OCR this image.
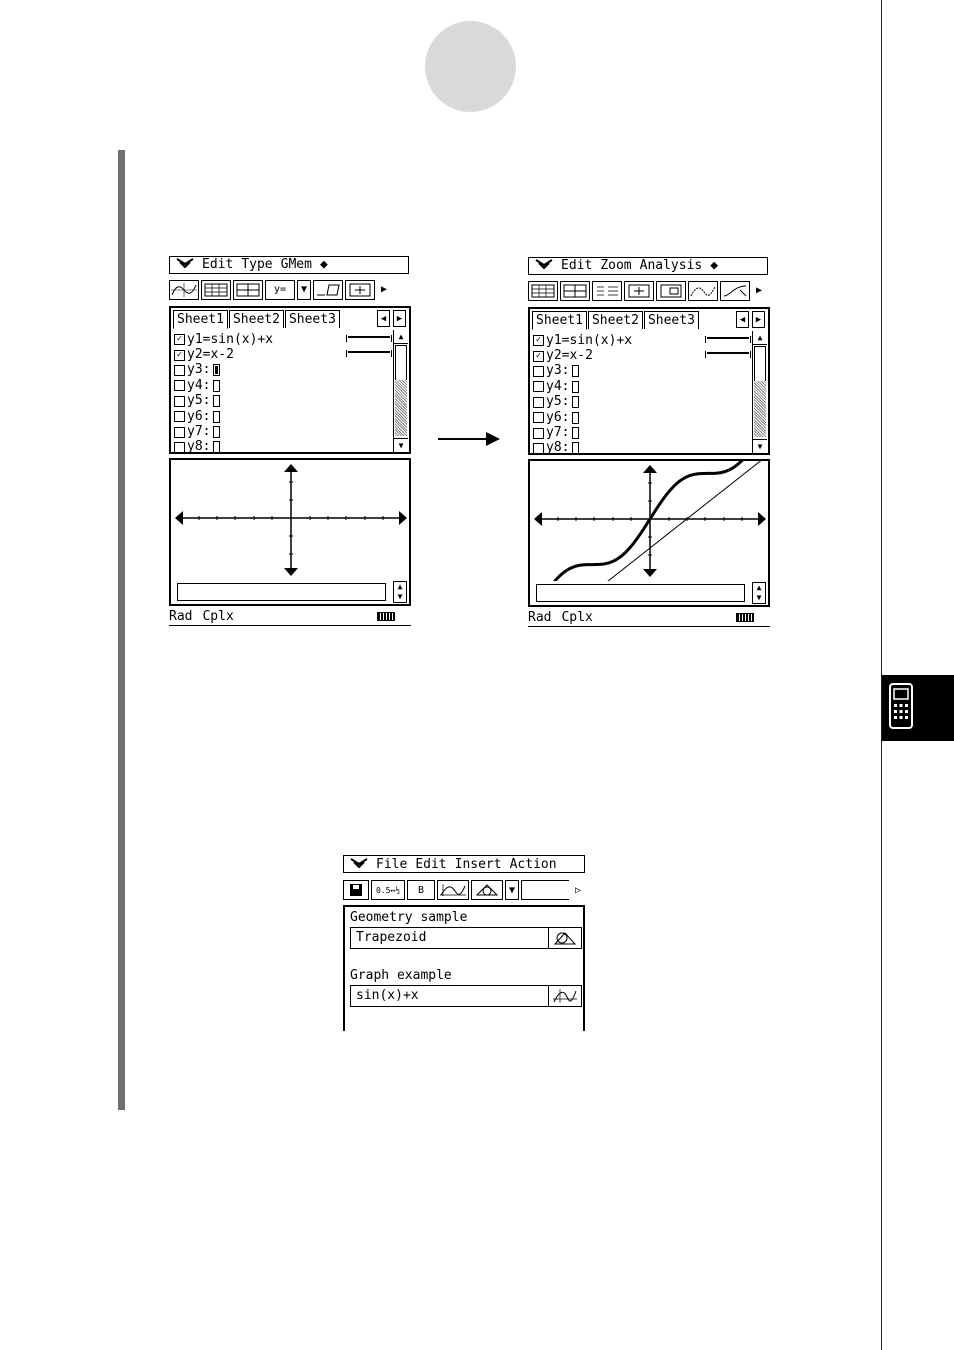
Edit Type GMem ◆
y=	▼	▶
Sheet1 Sheet2 Sheet3	◀	▶
✓ y1= sin(x)+x
✓ y2= x-2
y3:
y4:
y5:
y6:
y7:
y8:
▲
▼
▲
▼
Rad Cplx
Edit Zoom Analysis ◆
▶
Sheet1 Sheet2 Sheet3	◀	▶
✓ y1= sin(x)+x
✓ y2= x-2
y3:
y4:
y5:
y6:
y7:
y8:
▲
▼
▲
▼
Rad Cplx
File Edit Insert Action
0.5↔½	B	▼	▷
Geometry sample
Trapezoid
Graph example
sin(x)+x
